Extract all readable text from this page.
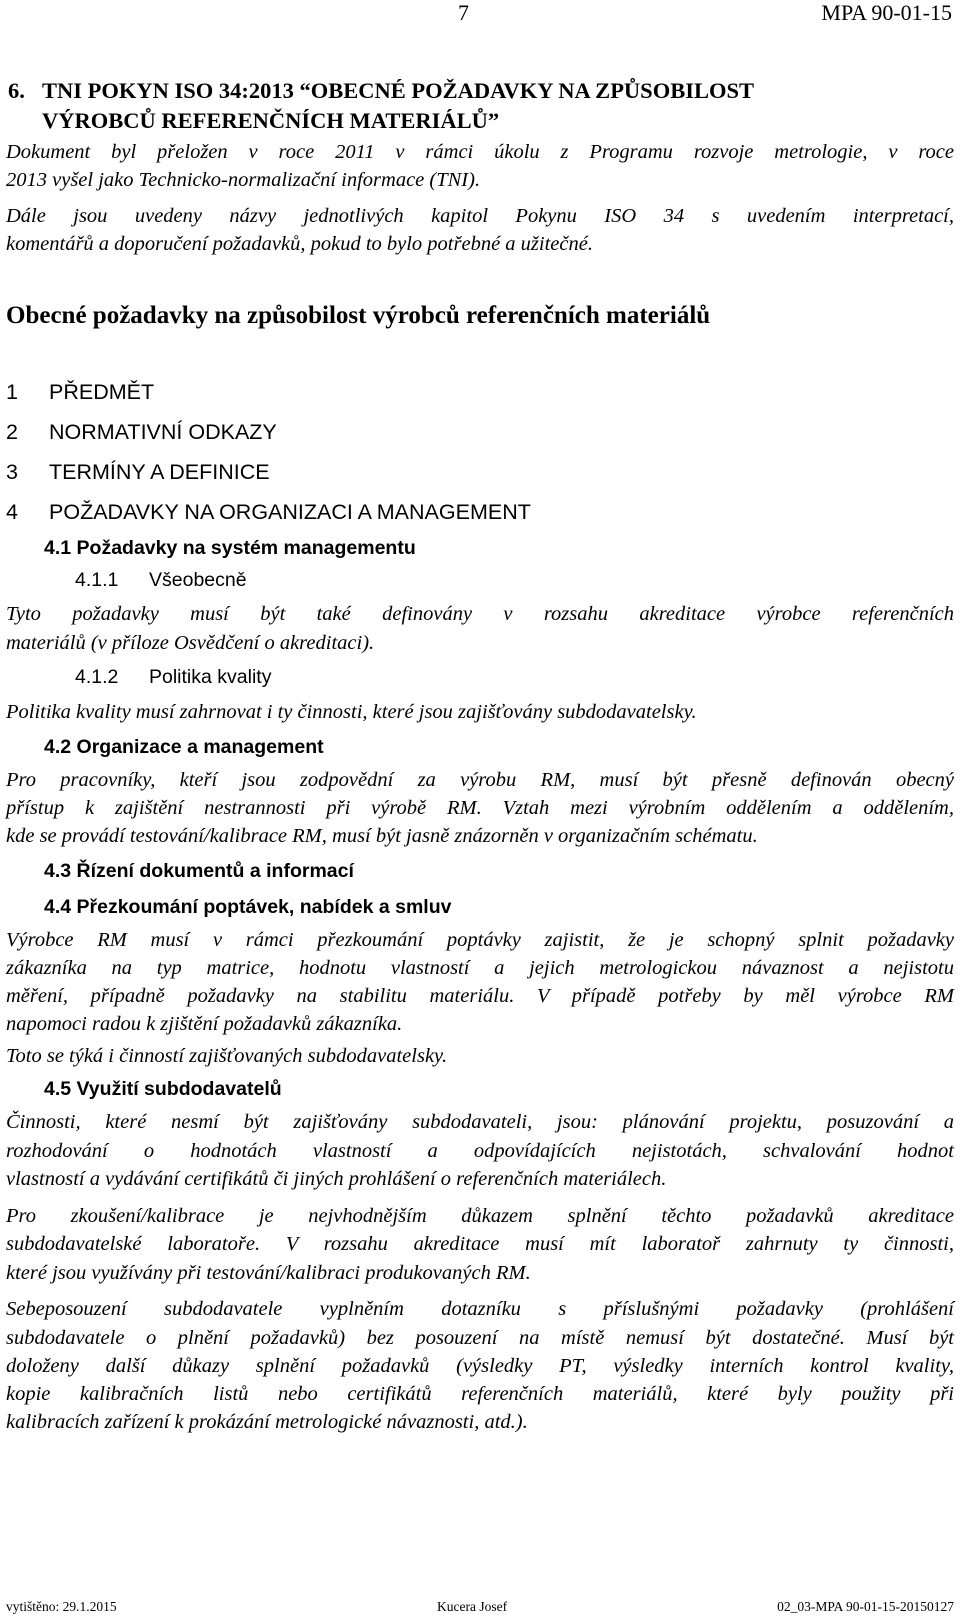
7	MPA 90-01-15
6. TNI POKYN ISO 34:2013 “OBECNÉ POŽADAVKY NA ZPŮSOBILOST
VÝROBCŮ REFERENČNÍCH MATERIÁLŮ”
Dokument byl přeložen v roce 2011 v rámci úkolu z Programu rozvoje metrologie, v roce
2013 vyšel jako Technicko-normalizační informace (TNI).
Dále jsou uvedeny názvy jednotlivých kapitol Pokynu ISO 34 s uvedením interpretací,
komentářů a doporučení požadavků, pokud to bylo potřebné a užitečné.
Obecné požadavky na způsobilost výrobců referenčních materiálů
1 PŘEDMĚT
2 NORMATIVNÍ ODKAZY
3 TERMÍNY A DEFINICE
4 POŽADAVKY NA ORGANIZACI A MANAGEMENT
4.1 Požadavky na systém managementu
4.1.1 Všeobecně
Tyto požadavky musí být také definovány v rozsahu akreditace výrobce referenčních
materiálů (v příloze Osvědčení o akreditaci).
4.1.2 Politika kvality
Politika kvality musí zahrnovat i ty činnosti, které jsou zajišťovány subdodavatelsky.
4.2 Organizace a management
Pro pracovníky, kteří jsou zodpovědní za výrobu RM, musí být přesně definován obecný
přístup k zajištění nestrannosti při výrobě RM. Vztah mezi výrobním oddělením a oddělením,
kde se provádí testování/kalibrace RM, musí být jasně znázorněn v organizačním schématu.
4.3 Řízení dokumentů a informací
4.4 Přezkoumání poptávek, nabídek a smluv
Výrobce RM musí v rámci přezkoumání poptávky zajistit, že je schopný splnit požadavky
zákazníka na typ matrice, hodnotu vlastností a jejich metrologickou návaznost a nejistotu
měření, případně požadavky na stabilitu materiálu. V případě potřeby by měl výrobce RM
napomoci radou k zjištění požadavků zákazníka.
Toto se týká i činností zajišťovaných subdodavatelsky.
4.5 Využití subdodavatelů
Činnosti, které nesmí být zajišťovány subdodavateli, jsou: plánování projektu, posuzování a
rozhodování o hodnotách vlastností a odpovídajících nejistotách, schvalování hodnot
vlastností a vydávání certifikátů či jiných prohlášení o referenčních materiálech.
Pro zkoušení/kalibrace je nejvhodnějším důkazem splnění těchto požadavků akreditace
subdodavatelské laboratoře. V rozsahu akreditace musí mít laboratoř zahrnuty ty činnosti,
které jsou využívány při testování/kalibraci produkovaných RM.
Sebeposouzení subdodavatele vyplněním dotazníku s příslušnými požadavky (prohlášení
subdodavatele o plnění požadavků) bez posouzení na místě nemusí být dostatečné. Musí být
doloženy další důkazy splnění požadavků (výsledky PT, výsledky interních kontrol kvality,
kopie kalibračních listů nebo certifikátů referenčních materiálů, které byly použity při
kalibracích zařízení k prokázání metrologické návaznosti, atd.).
vytištěno: 29.1.2015	Kucera Josef	02_03-MPA 90-01-15-20150127
